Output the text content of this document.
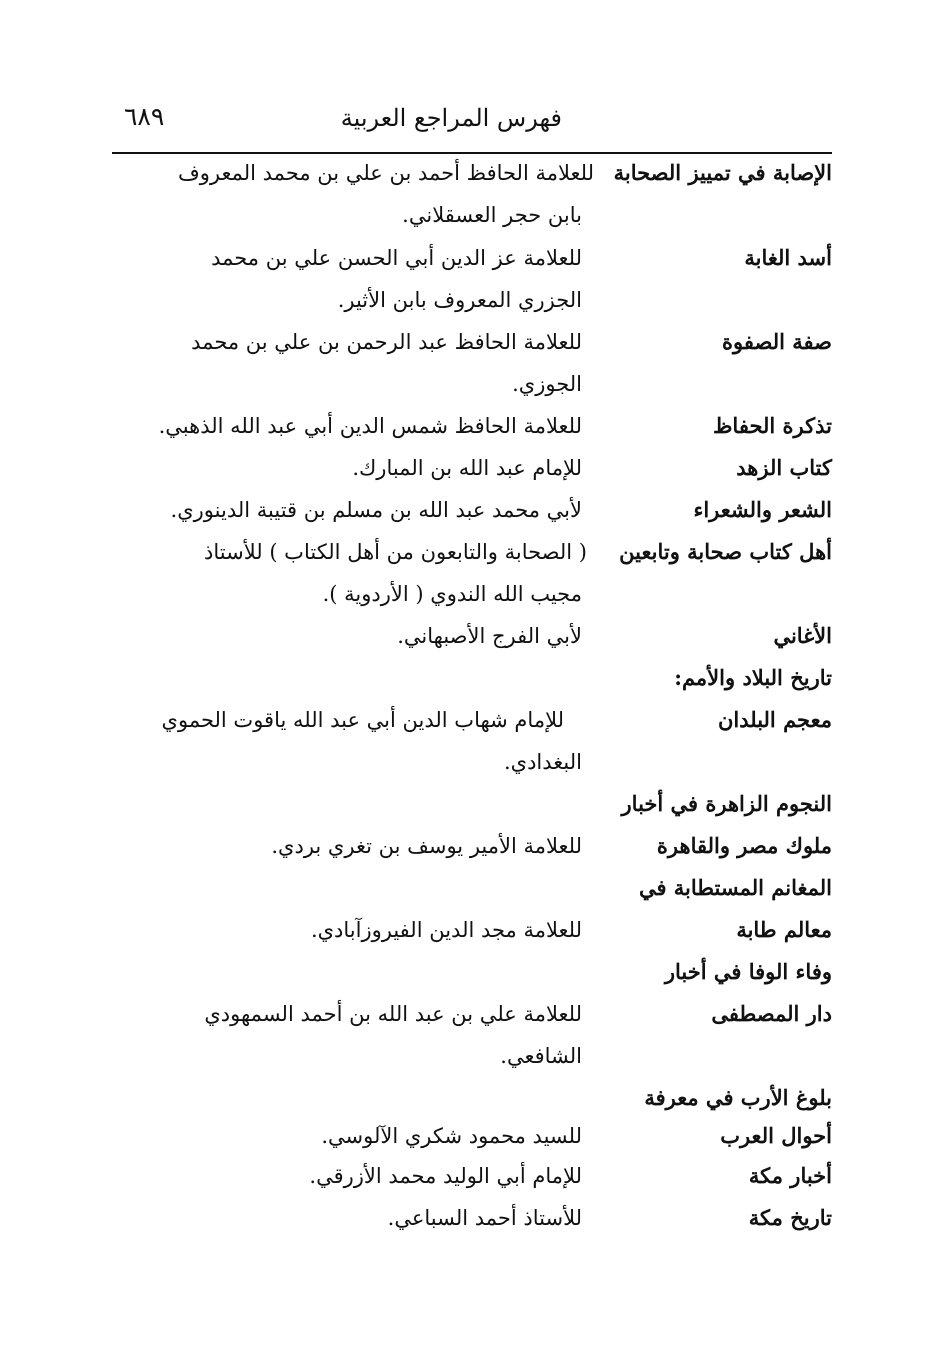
فهرس المراجع العربية
٦٨٩
الإصابة في تمييز الصحابة
للعلامة الحافظ أحمد بن علي بن محمد المعروف
بابن حجر العسقلاني.
أسد الغابة
للعلامة عز الدين أبي الحسن علي بن محمد
الجزري المعروف بابن الأثير.
صفة الصفوة
للعلامة الحافظ عبد الرحمن بن علي بن محمد
الجوزي.
تذكرة الحفاظ
للعلامة الحافظ شمس الدين أبي عبد الله الذهبي.
كتاب الزهد
للإمام عبد الله بن المبارك.
الشعر والشعراء
لأبي محمد عبد الله بن مسلم بن قتيبة الدينوري.
أهل كتاب صحابة وتابعين
( الصحابة والتابعون من أهل الكتاب ) للأستاذ
مجيب الله الندوي ( الأردوية ).
الأغاني
لأبي الفرج الأصبهاني.
تاريخ البلاد والأمم:
معجم البلدان
للإمام شهاب الدين أبي عبد الله ياقوت الحموي
البغدادي.
النجوم الزاهرة في أخبار
ملوك مصر والقاهرة
للعلامة الأمير يوسف بن تغري بردي.
المغانم المستطابة في
معالم طابة
للعلامة مجد الدين الفيروزآبادي.
وفاء الوفا في أخبار
دار المصطفى
للعلامة علي بن عبد الله بن أحمد السمهودي
الشافعي.
بلوغ الأرب في معرفة
أحوال العرب
للسيد محمود شكري الآلوسي.
أخبار مكة
للإمام أبي الوليد محمد الأزرقي.
تاريخ مكة
للأستاذ أحمد السباعي.
